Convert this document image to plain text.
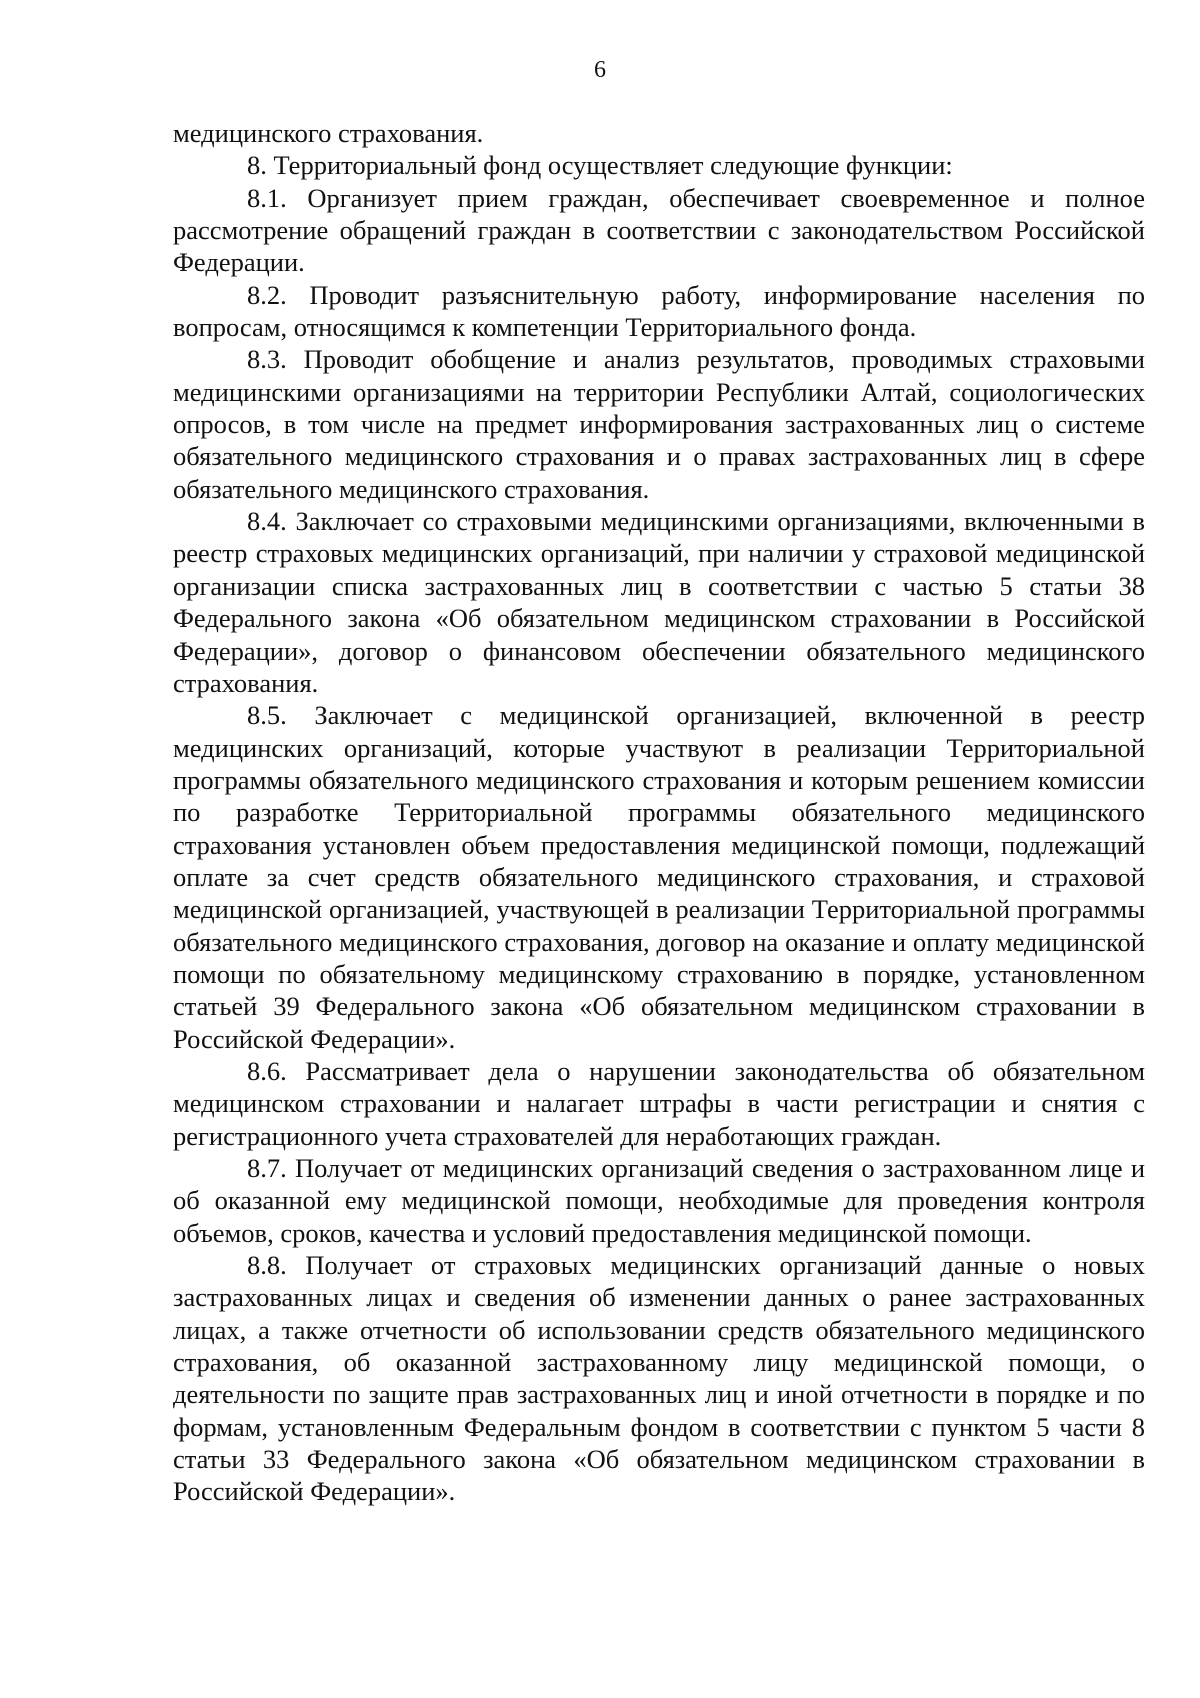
6

медицинского страхования.

8. Территориальный фонд осуществляет следующие функции:

8.1. Организует прием граждан, обеспечивает своевременное и полное рассмотрение обращений граждан в соответствии с законодательством Российской Федерации.

8.2. Проводит разъяснительную работу, информирование населения по вопросам, относящимся к компетенции Территориального фонда.

8.3. Проводит обобщение и анализ результатов, проводимых страховыми медицинскими организациями на территории Республики Алтай, социологических опросов, в том числе на предмет информирования застрахованных лиц о системе обязательного медицинского страхования и о правах застрахованных лиц в сфере обязательного медицинского страхования.

8.4. Заключает со страховыми медицинскими организациями, включенными в реестр страховых медицинских организаций, при наличии у страховой медицинской организации списка застрахованных лиц в соответствии с частью 5 статьи 38 Федерального закона «Об обязательном медицинском страховании в Российской Федерации», договор о финансовом обеспечении обязательного медицинского страхования.

8.5. Заключает с медицинской организацией, включенной в реестр медицинских организаций, которые участвуют в реализации Территориальной программы обязательного медицинского страхования и которым решением комиссии по разработке Территориальной программы обязательного медицинского страхования установлен объем предоставления медицинской помощи, подлежащий оплате за счет средств обязательного медицинского страхования, и страховой медицинской организацией, участвующей в реализации Территориальной программы обязательного медицинского страхования, договор на оказание и оплату медицинской помощи по обязательному медицинскому страхованию в порядке, установленном статьей 39 Федерального закона «Об обязательном медицинском страховании в Российской Федерации».

8.6. Рассматривает дела о нарушении законодательства об обязательном медицинском страховании и налагает штрафы в части регистрации и снятия с регистрационного учета страхователей для неработающих граждан.

8.7. Получает от медицинских организаций сведения о застрахованном лице и об оказанной ему медицинской помощи, необходимые для проведения контроля объемов, сроков, качества и условий предоставления медицинской помощи.

8.8. Получает от страховых медицинских организаций данные о новых застрахованных лицах и сведения об изменении данных о ранее застрахованных лицах, а также отчетности об использовании средств обязательного медицинского страхования, об оказанной застрахованному лицу медицинской помощи, о деятельности по защите прав застрахованных лиц и иной отчетности в порядке и по формам, установленным Федеральным фондом в соответствии с пунктом 5 части 8 статьи 33 Федерального закона «Об обязательном медицинском страховании в Российской Федерации».
